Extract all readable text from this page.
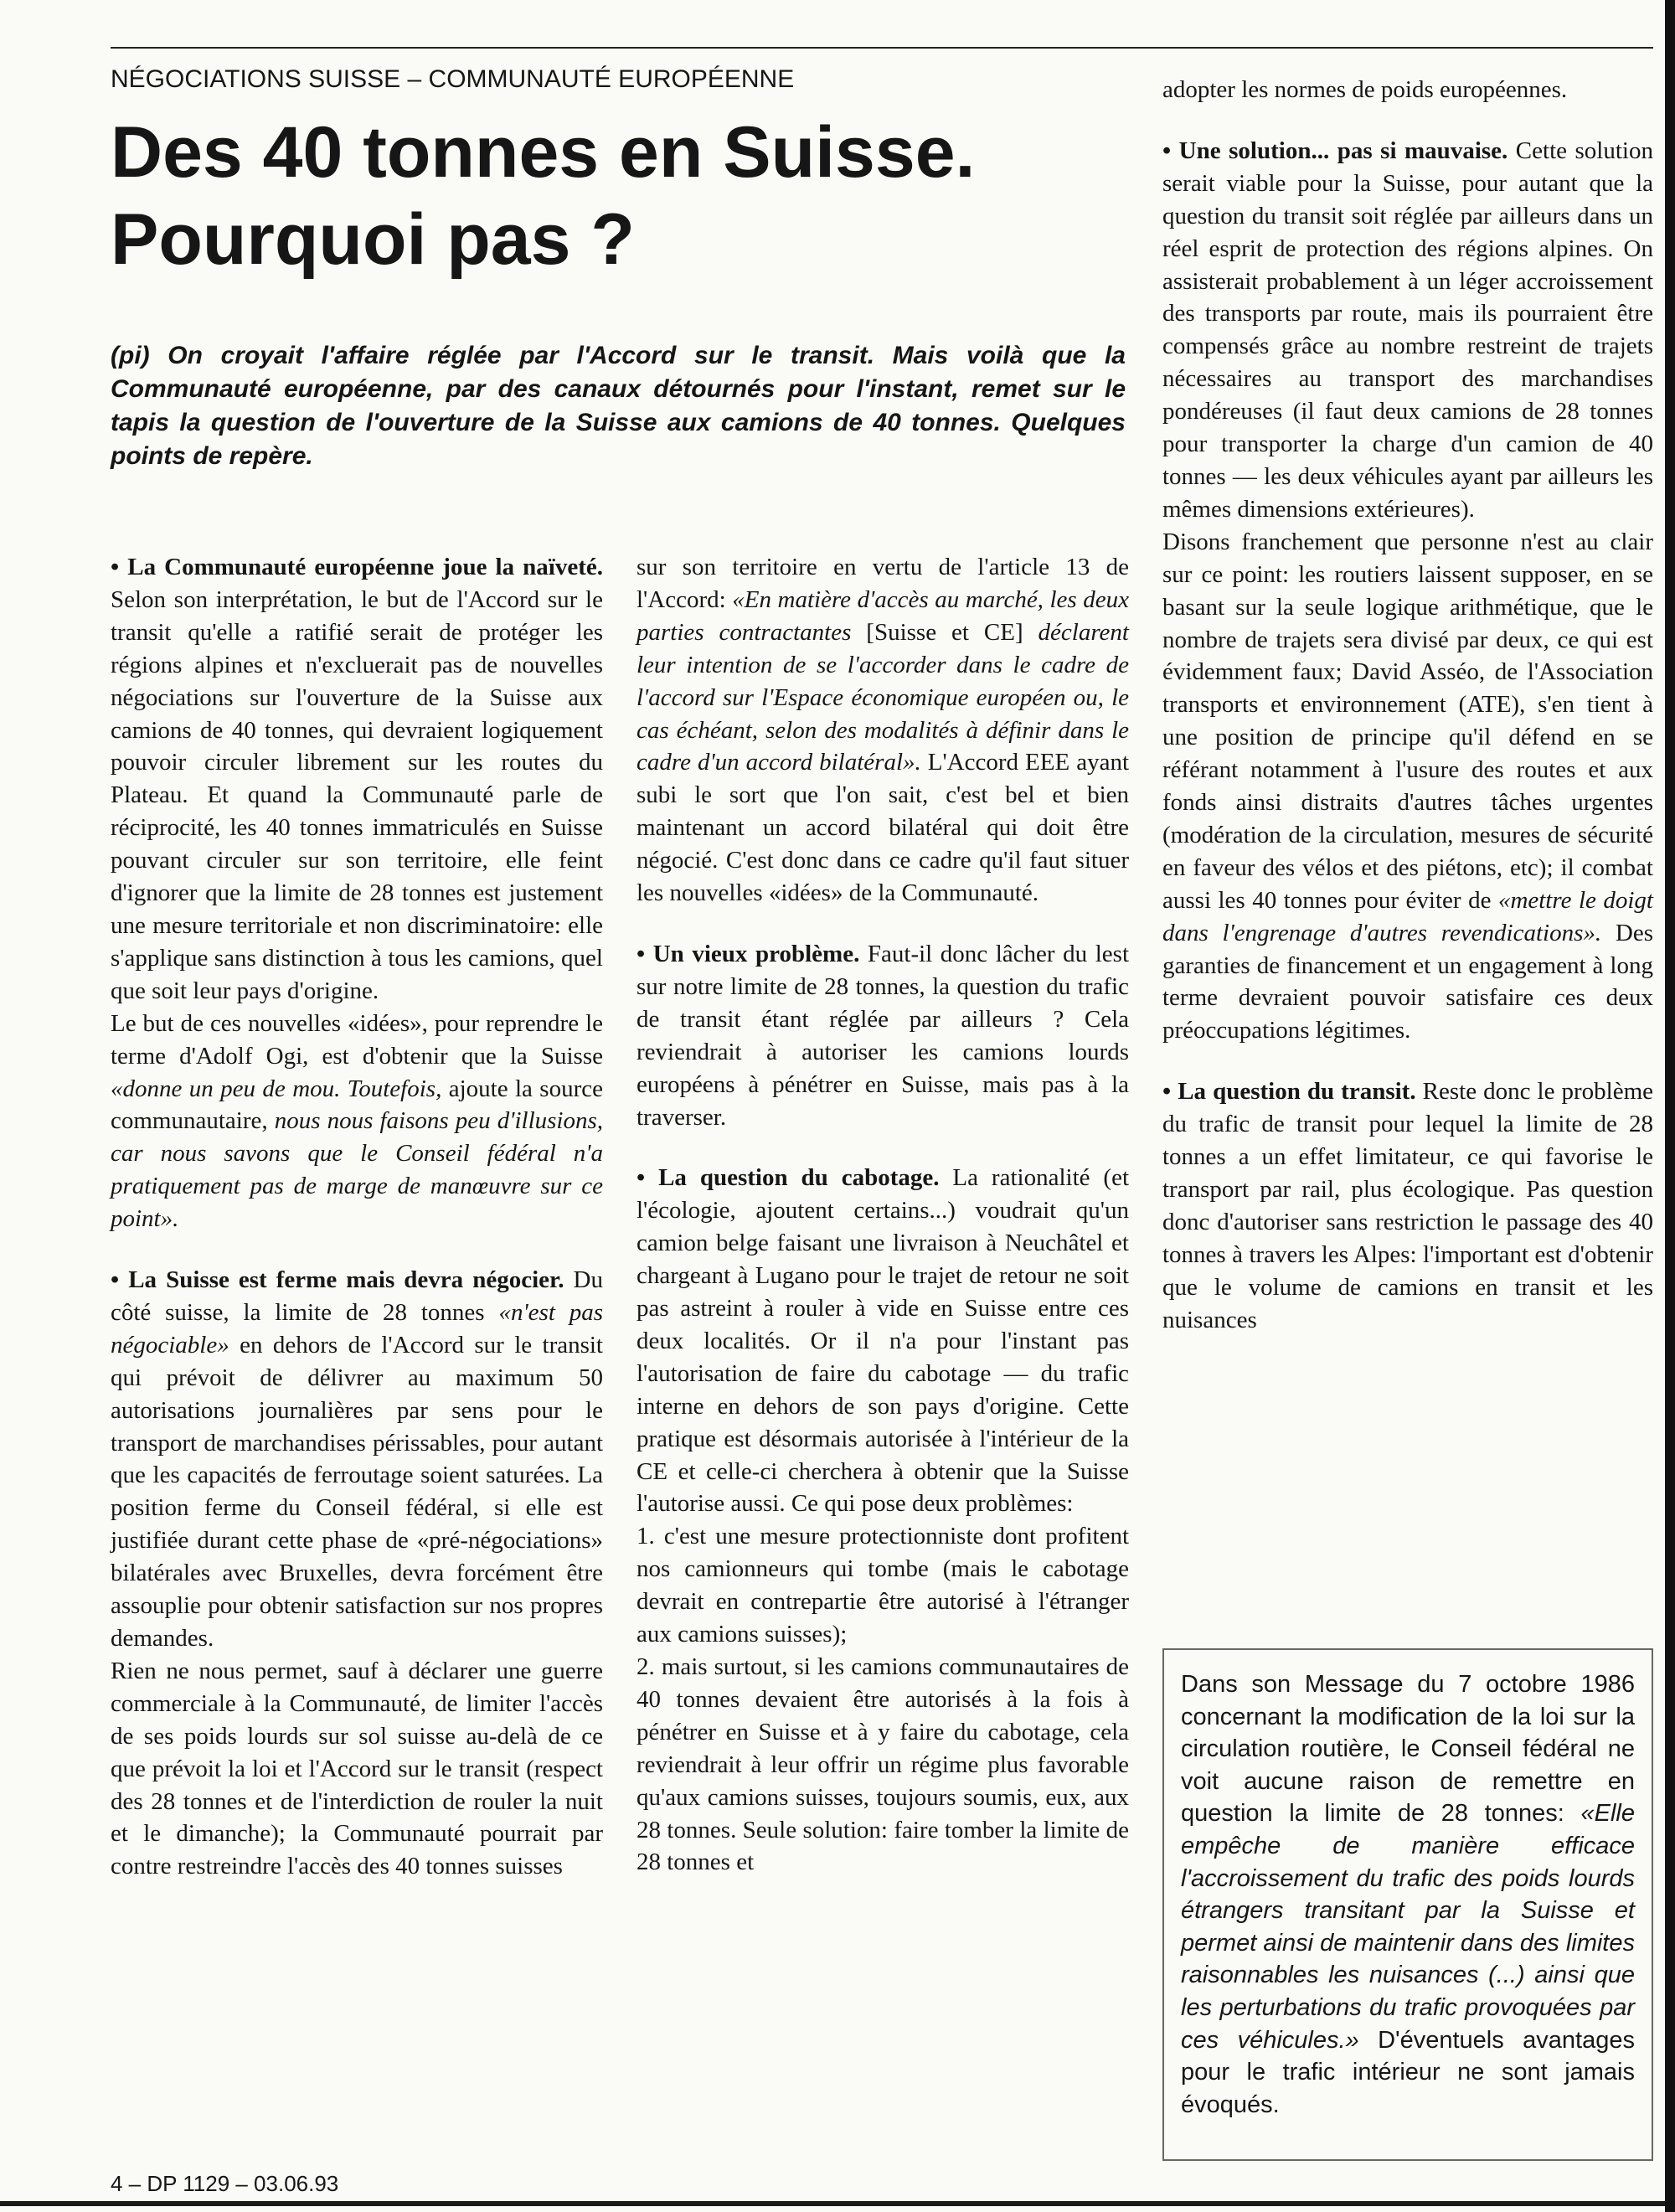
NÉGOCIATIONS SUISSE – COMMUNAUTÉ EUROPÉENNE
Des 40 tonnes en Suisse.
Pourquoi pas ?
(pi) On croyait l'affaire réglée par l'Accord sur le transit. Mais voilà que la Communauté européenne, par des canaux détournés pour l'instant, remet sur le tapis la question de l'ouverture de la Suisse aux camions de 40 tonnes. Quelques points de repère.

• La Communauté européenne joue la naïveté. Selon son interprétation, le but de l'Accord sur le transit qu'elle a ratifié serait de protéger les régions alpines et n'excluerait pas de nouvelles négociations sur l'ouverture de la Suisse aux camions de 40 tonnes, qui devraient logiquement pouvoir circuler librement sur les routes du Plateau. Et quand la Communauté parle de réciprocité, les 40 tonnes immatriculés en Suisse pouvant circuler sur son territoire, elle feint d'ignorer que la limite de 28 tonnes est justement une mesure territoriale et non discriminatoire: elle s'applique sans distinction à tous les camions, quel que soit leur pays d'origine.

Le but de ces nouvelles «idées», pour reprendre le terme d'Adolf Ogi, est d'obtenir que la Suisse «donne un peu de mou. Toutefois, ajoute la source communautaire, nous nous faisons peu d'illusions, car nous savons que le Conseil fédéral n'a pratiquement pas de marge de manœuvre sur ce point».

• La Suisse est ferme mais devra négocier. Du côté suisse, la limite de 28 tonnes «n'est pas négociable» en dehors de l'Accord sur le transit qui prévoit de délivrer au maximum 50 autorisations journalières par sens pour le transport de marchandises périssables, pour autant que les capacités de ferroutage soient saturées. La position ferme du Conseil fédéral, si elle est justifiée durant cette phase de «pré-négociations» bilatérales avec Bruxelles, devra forcément être assouplie pour obtenir satisfaction sur nos propres demandes.

Rien ne nous permet, sauf à déclarer une guerre commerciale à la Communauté, de limiter l'accès de ses poids lourds sur sol suisse au-delà de ce que prévoit la loi et l'Accord sur le transit (respect des 28 tonnes et de l'interdiction de rouler la nuit et le dimanche); la Communauté pourrait par contre restreindre l'accès des 40 tonnes suisses

sur son territoire en vertu de l'article 13 de l'Accord: «En matière d'accès au marché, les deux parties contractantes [Suisse et CE] déclarent leur intention de se l'accorder dans le cadre de l'accord sur l'Espace économique européen ou, le cas échéant, selon des modalités à définir dans le cadre d'un accord bilatéral». L'Accord EEE ayant subi le sort que l'on sait, c'est bel et bien maintenant un accord bilatéral qui doit être négocié. C'est donc dans ce cadre qu'il faut situer les nouvelles «idées» de la Communauté.

• Un vieux problème. Faut-il donc lâcher du lest sur notre limite de 28 tonnes, la question du trafic de transit étant réglée par ailleurs ? Cela reviendrait à autoriser les camions lourds européens à pénétrer en Suisse, mais pas à la traverser.

• La question du cabotage. La rationalité (et l'écologie, ajoutent certains...) voudrait qu'un camion belge faisant une livraison à Neuchâtel et chargeant à Lugano pour le trajet de retour ne soit pas astreint à rouler à vide en Suisse entre ces deux localités. Or il n'a pour l'instant pas l'autorisation de faire du cabotage — du trafic interne en dehors de son pays d'origine. Cette pratique est désormais autorisée à l'intérieur de la CE et celle-ci cherchera à obtenir que la Suisse l'autorise aussi. Ce qui pose deux problèmes:

1. c'est une mesure protectionniste dont profitent nos camionneurs qui tombe (mais le cabotage devrait en contrepartie être autorisé à l'étranger aux camions suisses);

2. mais surtout, si les camions communautaires de 40 tonnes devaient être autorisés à la fois à pénétrer en Suisse et à y faire du cabotage, cela reviendrait à leur offrir un régime plus favorable qu'aux camions suisses, toujours soumis, eux, aux 28 tonnes. Seule solution: faire tomber la limite de 28 tonnes et

adopter les normes de poids européennes.

• Une solution... pas si mauvaise. Cette solution serait viable pour la Suisse, pour autant que la question du transit soit réglée par ailleurs dans un réel esprit de protection des régions alpines. On assisterait probablement à un léger accroissement des transports par route, mais ils pourraient être compensés grâce au nombre restreint de trajets nécessaires au transport des marchandises pondéreuses (il faut deux camions de 28 tonnes pour transporter la charge d'un camion de 40 tonnes — les deux véhicules ayant par ailleurs les mêmes dimensions extérieures).

Disons franchement que personne n'est au clair sur ce point: les routiers laissent supposer, en se basant sur la seule logique arithmétique, que le nombre de trajets sera divisé par deux, ce qui est évidemment faux; David Asséo, de l'Association transports et environnement (ATE), s'en tient à une position de principe qu'il défend en se référant notamment à l'usure des routes et aux fonds ainsi distraits d'autres tâches urgentes (modération de la circulation, mesures de sécurité en faveur des vélos et des piétons, etc); il combat aussi les 40 tonnes pour éviter de «mettre le doigt dans l'engrenage d'autres revendications». Des garanties de financement et un engagement à long terme devraient pouvoir satisfaire ces deux préoccupations légitimes.

• La question du transit. Reste donc le problème du trafic de transit pour lequel la limite de 28 tonnes a un effet limitateur, ce qui favorise le transport par rail, plus écologique. Pas question donc d'autoriser sans restriction le passage des 40 tonnes à travers les Alpes: l'important est d'obtenir que le volume de camions en transit et les nuisances

Dans son Message du 7 octobre 1986 concernant la modification de la loi sur la circulation routière, le Conseil fédéral ne voit aucune raison de remettre en question la limite de 28 tonnes: «Elle empêche de manière efficace l'accroissement du trafic des poids lourds étrangers transitant par la Suisse et permet ainsi de maintenir dans des limites raisonnables les nuisances (...) ainsi que les perturbations du trafic provoquées par ces véhicules.» D'éventuels avantages pour le trafic intérieur ne sont jamais évoqués.
4 – DP 1129 – 03.06.93
